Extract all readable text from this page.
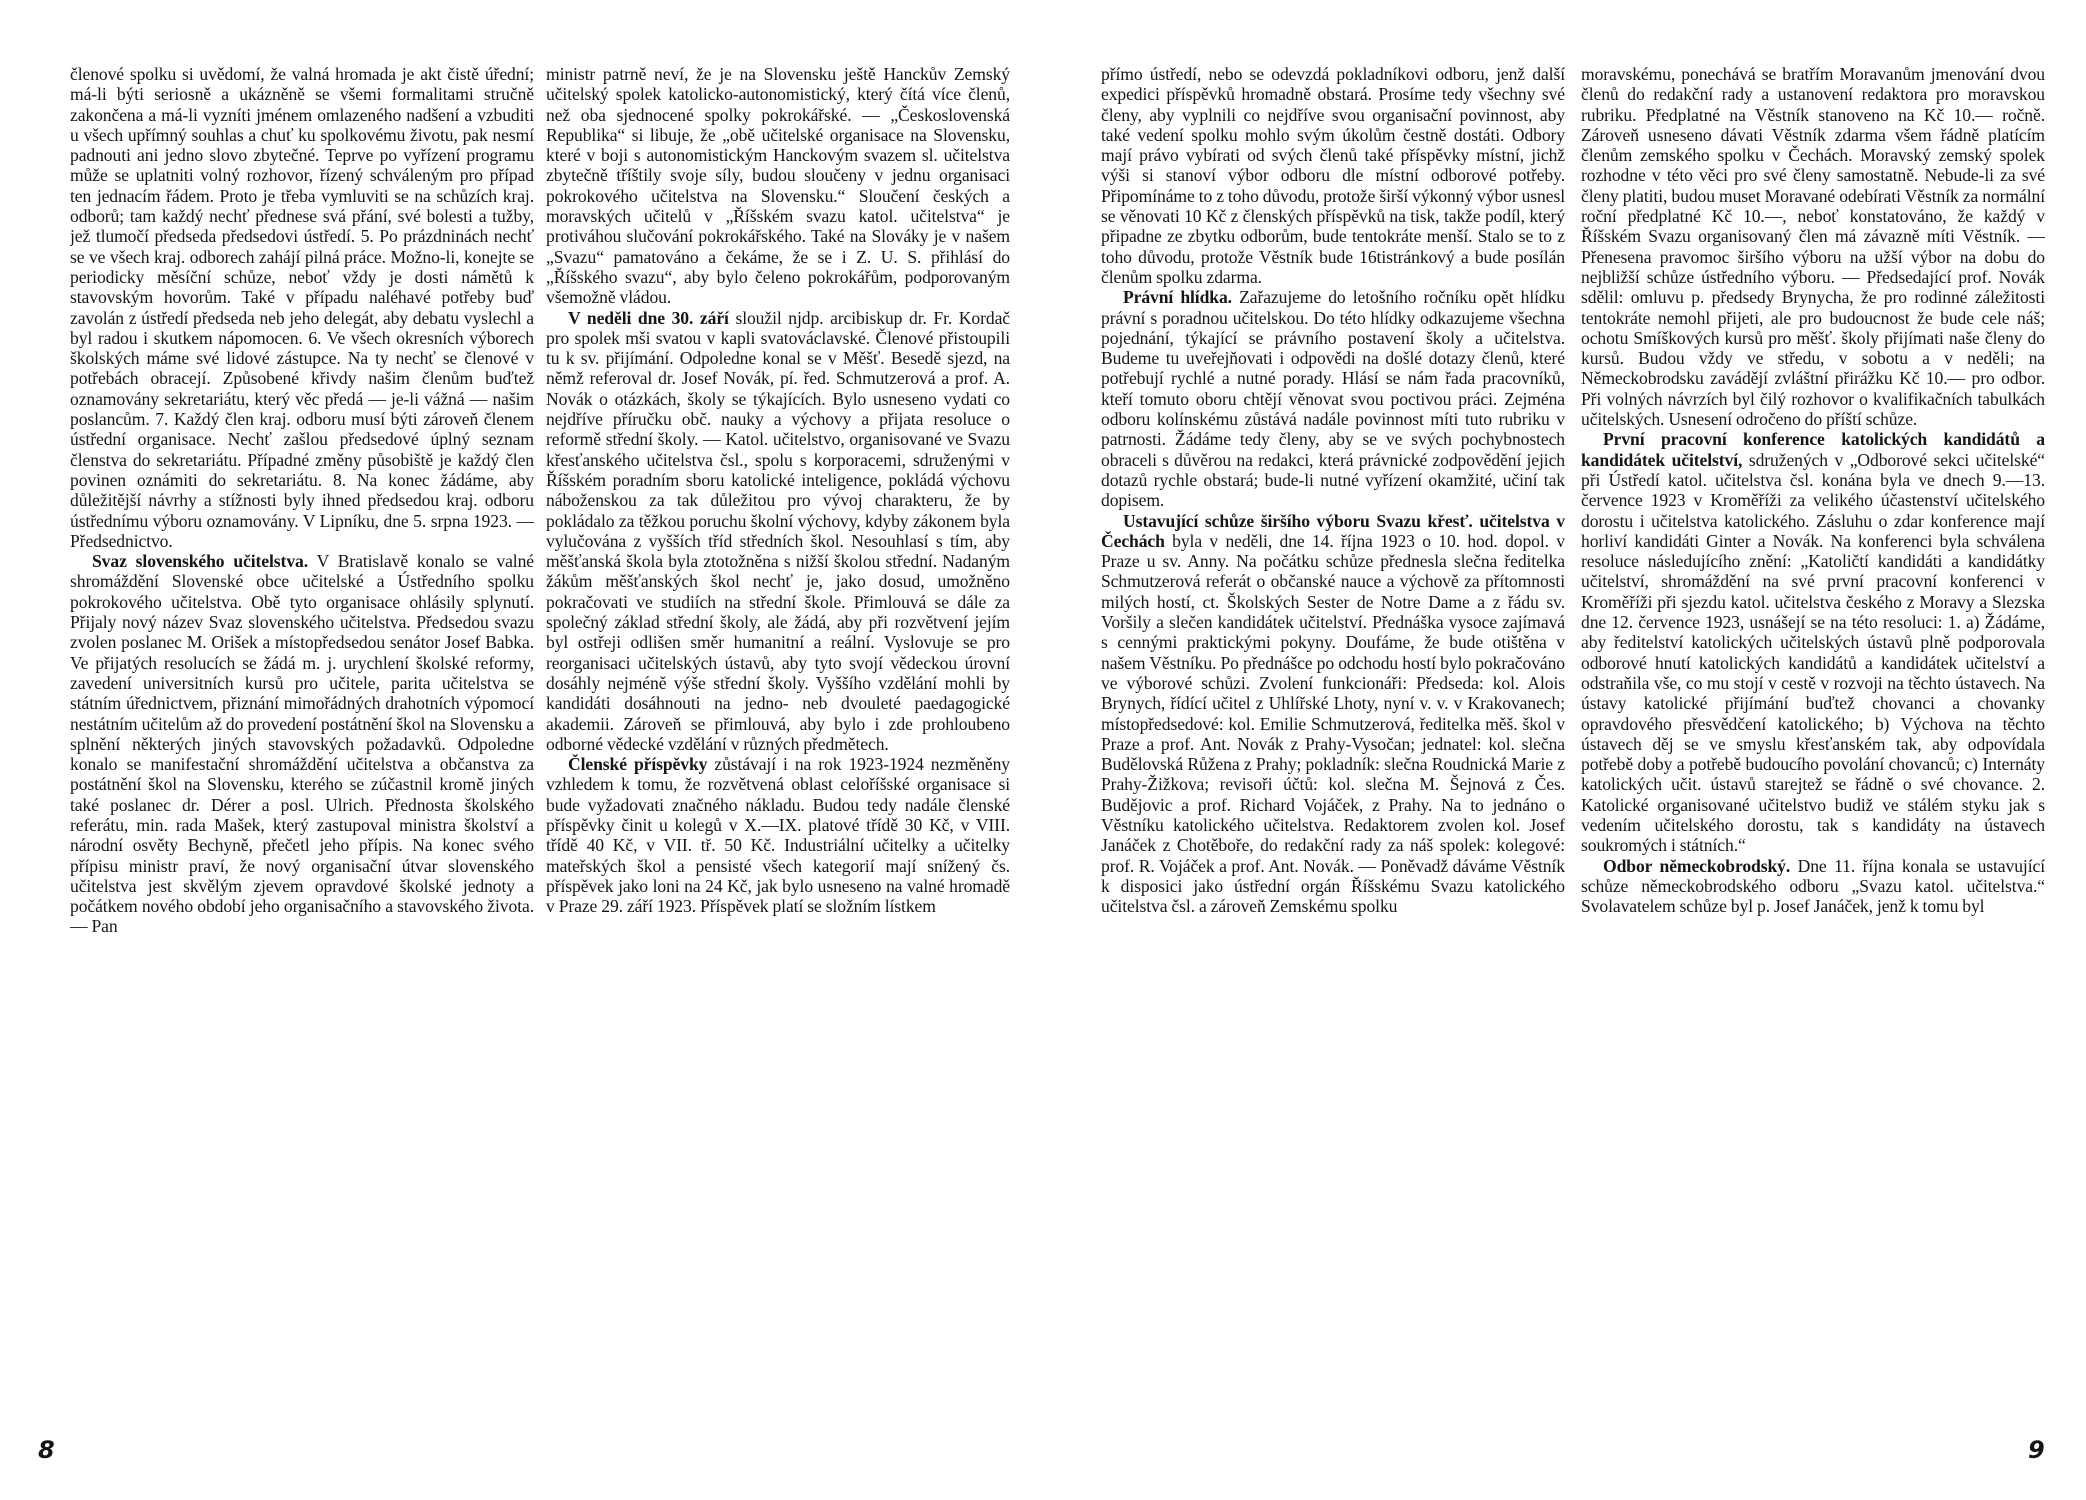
členové spolku si uvědomí, že valná hromada je akt čistě úřední; má-li býti seriosně a ukázněně se všemi formalitami stručně zakončena a má-li vyzníti jménem omlazeného nadšení a vzbuditi u všech upřímný souhlas a chuť ku spolkovému životu, pak nesmí padnouti ani jedno slovo zbytečné. Teprve po vyřízení programu může se uplatniti volný rozhovor, řízený schváleným pro případ ten jednacím řádem. Proto je třeba vymluviti se na schůzích kraj. odborů; tam každý nechť přednese svá přání, své bolesti a tužby, jež tlumočí předseda předsedovi ústředí. 5. Po prázdninách nechť se ve všech kraj. odborech zahájí pilná práce. Možno-li, konejte se periodicky měsíční schůze, neboť vždy je dosti námětů k stavovským hovorům. Také v případu naléhavé potřeby buď zavolán z ústředí předseda neb jeho delegát, aby debatu vyslechl a byl radou i skutkem nápomocen. 6. Ve všech okresních výborech školských máme své lidové zástupce. Na ty nechť se členové v potřebách obracejí. Způsobené křivdy našim členům buďtež oznamovány sekretariátu, který věc předá — je-li vážná — našim poslancům. 7. Každý člen kraj. odboru musí býti zároveň členem ústřední organisace. Nechť zašlou předsedové úplný seznam členstva do sekretariátu. Případné změny působiště je každý člen povinen oznámiti do sekretariátu. 8. Na konec žádáme, aby důležitější návrhy a stížnosti byly ihned předsedou kraj. odboru ústřednímu výboru oznamovány. V Lipníku, dne 5. srpna 1923. — Předsednictvo.

Svaz slovenského učitelstva. V Bratislavě konalo se valné shromáždění Slovenské obce učitelské a Ústředního spolku pokrokového učitelstva. Obě tyto organisace ohlásily splynutí. Přijaly nový název Svaz slovenského učitelstva. Předsedou svazu zvolen poslanec M. Orišek a místopředsedou senátor Josef Babka. Ve přijatých resolucích se žádá m. j. urychlení školské reformy, zavedení universitních kursů pro učitele, parita učitelstva se státním úřednictvem, přiznání mimořádných drahotních výpomocí nestátním učitelům až do provedení postátnění škol na Slovensku a splnění některých jiných stavovských požadavků. Odpoledne konalo se manifestační shromáždění učitelstva a občanstva za postátnění škol na Slovensku, kterého se zúčastnil kromě jiných také poslanec dr. Dérer a posl. Ulrich. Přednosta školského referátu, min. rada Mašek, který zastupoval ministra školství a národní osvěty Bechyně, přečetl jeho přípis. Na konec svého přípisu ministr praví, že nový organisační útvar slovenského učitelstva jest skvělým zjevem opravdové školské jednoty a počátkem nového období jeho organisačního a stavovského života. — Pan

ministr patrně neví, že je na Slovensku ještě Hanckův Zemský učitelský spolek katolicko-autonomistický, který čítá více členů, než oba sjednocené spolky pokrokářské. — „Československá Republika“ si libuje, že „obě učitelské organisace na Slovensku, které v boji s autonomistickým Hanckovým svazem sl. učitelstva zbytečně tříštily svoje síly, budou sloučeny v jednu organisaci pokrokového učitelstva na Slovensku.“ Sloučení českých a moravských učitelů v „Říšském svazu katol. učitelstva“ je protiváhou slučování pokrokářského. Také na Slováky je v našem „Svazu“ pamatováno a čekáme, že se i Z. U. S. přihlásí do „Říšského svazu“, aby bylo čeleno pokrokářům, podporovaným všemožně vládou.

V neděli dne 30. září sloužil njdp. arcibiskup dr. Fr. Kordač pro spolek mši svatou v kapli svatováclavské. Členové přistoupili tu k sv. přijímání. Odpoledne konal se v Měšť. Besedě sjezd, na němž referoval dr. Josef Novák, pí. řed. Schmutzerová a prof. A. Novák o otázkách, školy se týkajících. Bylo usneseno vydati co nejdříve příručku obč. nauky a výchovy a přijata resoluce o reformě střední školy. — Katol. učitelstvo, organisované ve Svazu křesťanského učitelstva čsl., spolu s korporacemi, sdruženými v Říšském poradním sboru katolické inteligence, pokládá výchovu náboženskou za tak důležitou pro vývoj charakteru, že by pokládalo za těžkou poruchu školní výchovy, kdyby zákonem byla vylučována z vyšších tříd středních škol. Nesouhlasí s tím, aby měšťanská škola byla ztotožněna s nižší školou střední. Nadaným žákům měšťanských škol nechť je, jako dosud, umožněno pokračovati ve studiích na střední škole. Přimlouvá se dále za společný základ střední školy, ale žádá, aby při rozvětvení jejím byl ostřeji odlišen směr humanitní a reální. Vyslovuje se pro reorganisaci učitelských ústavů, aby tyto svojí vědeckou úrovní dosáhly nejméně výše střední školy. Vyššího vzdělání mohli by kandidáti dosáhnouti na jedno- neb dvouleté paedagogické akademii. Zároveň se přimlouvá, aby bylo i zde prohloubeno odborné vědecké vzdělání v různých předmětech.

Členské příspěvky zůstávají i na rok 1923-1924 nezměněny vzhledem k tomu, že rozvětvená oblast celoříšské organisace si bude vyžadovati značného nákladu. Budou tedy nadále členské příspěvky činit u kolegů v X.—IX. platové třídě 30 Kč, v VIII. třídě 40 Kč, v VII. tř. 50 Kč. Industriální učitelky a učitelky mateřských škol a pensisté všech kategorií mají snížený čs. příspěvek jako loni na 24 Kč, jak bylo usneseno na valné hromadě v Praze 29. září 1923. Příspěvek platí se složním lístkem

8

přímo ústředí, nebo se odevzdá pokladníkovi odboru, jenž další expedici příspěvků hromadně obstará. Prosíme tedy všechny své členy, aby vyplnili co nejdříve svou organisační povinnost, aby také vedení spolku mohlo svým úkolům čestně dostáti. Odbory mají právo vybírati od svých členů také příspěvky místní, jichž výši si stanoví výbor odboru dle místní odborové potřeby. Připomínáme to z toho důvodu, protože širší výkonný výbor usnesl se věnovati 10 Kč z členských příspěvků na tisk, takže podíl, který připadne ze zbytku odborům, bude tentokráte menší. Stalo se to z toho důvodu, protože Věstník bude 16tistránkový a bude posílán členům spolku zdarma.

Právní hlídka. Zařazujeme do letošního ročníku opět hlídku právní s poradnou učitelskou. Do této hlídky odkazujeme všechna pojednání, týkající se právního postavení školy a učitelstva. Budeme tu uveřejňovati i odpovědi na došlé dotazy členů, které potřebují rychlé a nutné porady. Hlásí se nám řada pracovníků, kteří tomuto oboru chtějí věnovat svou poctivou práci. Zejména odboru kolínskému zůstává nadále povinnost míti tuto rubriku v patrnosti. Žádáme tedy členy, aby se ve svých pochybnostech obraceli s důvěrou na redakci, která právnické zodpovědění jejich dotazů rychle obstará; bude-li nutné vyřízení okamžité, učiní tak dopisem.

Ustavující schůze širšího výboru Svazu křesť. učitelstva v Čechách byla v neděli, dne 14. října 1923 o 10. hod. dopol. v Praze u sv. Anny. Na počátku schůze přednesla slečna ředitelka Schmutzerová referát o občanské nauce a výchově za přítomnosti milých hostí, ct. Školských Sester de Notre Dame a z řádu sv. Voršily a slečen kandidátek učitelství. Přednáška vysoce zajímavá s cennými praktickými pokyny. Doufáme, že bude otištěna v našem Věstníku. Po přednášce po odchodu hostí bylo pokračováno ve výborové schůzi. Zvolení funkcionáři: Předseda: kol. Alois Brynych, řídící učitel z Uhlířské Lhoty, nyní v. v. v Krakovanech; místopředsedové: kol. Emilie Schmutzerová, ředitelka měš. škol v Praze a prof. Ant. Novák z Prahy-Vysočan; jednatel: kol. slečna Budělovská Růžena z Prahy; pokladník: slečna Roudnická Marie z Prahy-Žižkova; revisoři účtů: kol. slečna M. Šejnová z Čes. Budějovic a prof. Richard Vojáček, z Prahy. Na to jednáno o Věstníku katolického učitelstva. Redaktorem zvolen kol. Josef Janáček z Chotěboře, do redakční rady za náš spolek: kolegové: prof. R. Vojáček a prof. Ant. Novák. — Poněvadž dáváme Věstník k disposici jako ústřední orgán Říšskému Svazu katolického učitelstva čsl. a zároveň Zemskému spolku

moravskému, ponechává se bratřím Moravanům jmenování dvou členů do redakční rady a ustanovení redaktora pro moravskou rubriku. Předplatné na Věstník stanoveno na Kč 10.— ročně. Zároveň usneseno dávati Věstník zdarma všem řádně platícím členům zemského spolku v Čechách. Moravský zemský spolek rozhodne v této věci pro své členy samostatně. Nebude-li za své členy platiti, budou muset Moravané odebírati Věstník za normální roční předplatné Kč 10.—, neboť konstatováno, že každý v Říšském Svazu organisovaný člen má závazně míti Věstník. — Přenesena pravomoc širšího výboru na užší výbor na dobu do nejbližší schůze ústředního výboru. — Předsedající prof. Novák sdělil: omluvu p. předsedy Brynycha, že pro rodinné záležitosti tentokráte nemohl přijeti, ale pro budoucnost že bude cele náš; ochotu Smíškových kursů pro měšť. školy přijímati naše členy do kursů. Budou vždy ve středu, v sobotu a v neděli; na Německobrodsku zavádějí zvláštní přirážku Kč 10.— pro odbor. Při volných návrzích byl čilý rozhovor o kvalifikačních tabulkách učitelských. Usnesení odročeno do příští schůze.

První pracovní konference katolických kandidátů a kandidátek učitelství, sdružených v „Odborové sekci učitelské“ při Ústředí katol. učitelstva čsl. konána byla ve dnech 9.—13. července 1923 v Kroměříži za velikého účastenství učitelského dorostu i učitelstva katolického. Zásluhu o zdar konference mají horliví kandidáti Ginter a Novák. Na konferenci byla schválena resoluce následujícího znění: „Katoličtí kandidáti a kandidátky učitelství, shromáždění na své první pracovní konferenci v Kroměříži při sjezdu katol. učitelstva českého z Moravy a Slezska dne 12. července 1923, usnášejí se na této resoluci: 1. a) Žádáme, aby ředitelství katolických učitelských ústavů plně podporovala odborové hnutí katolických kandidátů a kandidátek učitelství a odstraňila vše, co mu stojí v cestě v rozvoji na těchto ústavech. Na ústavy katolické přijímání buďtež chovanci a chovanky opravdového přesvědčení katolického; b) Výchova na těchto ústavech děj se ve smyslu křesťanském tak, aby odpovídala potřebě doby a potřebě budoucího povolání chovanců; c) Internáty katolických učit. ústavů starejtež se řádně o své chovance. 2. Katolické organisované učitelstvo budiž ve stálém styku jak s vedením učitelského dorostu, tak s kandidáty na ústavech soukromých i státních.“

Odbor německobrodský. Dne 11. října konala se ustavující schůze německobrodského odboru „Svazu katol. učitelstva.“ Svolavatelem schůze byl p. Josef Janáček, jenž k tomu byl

9
